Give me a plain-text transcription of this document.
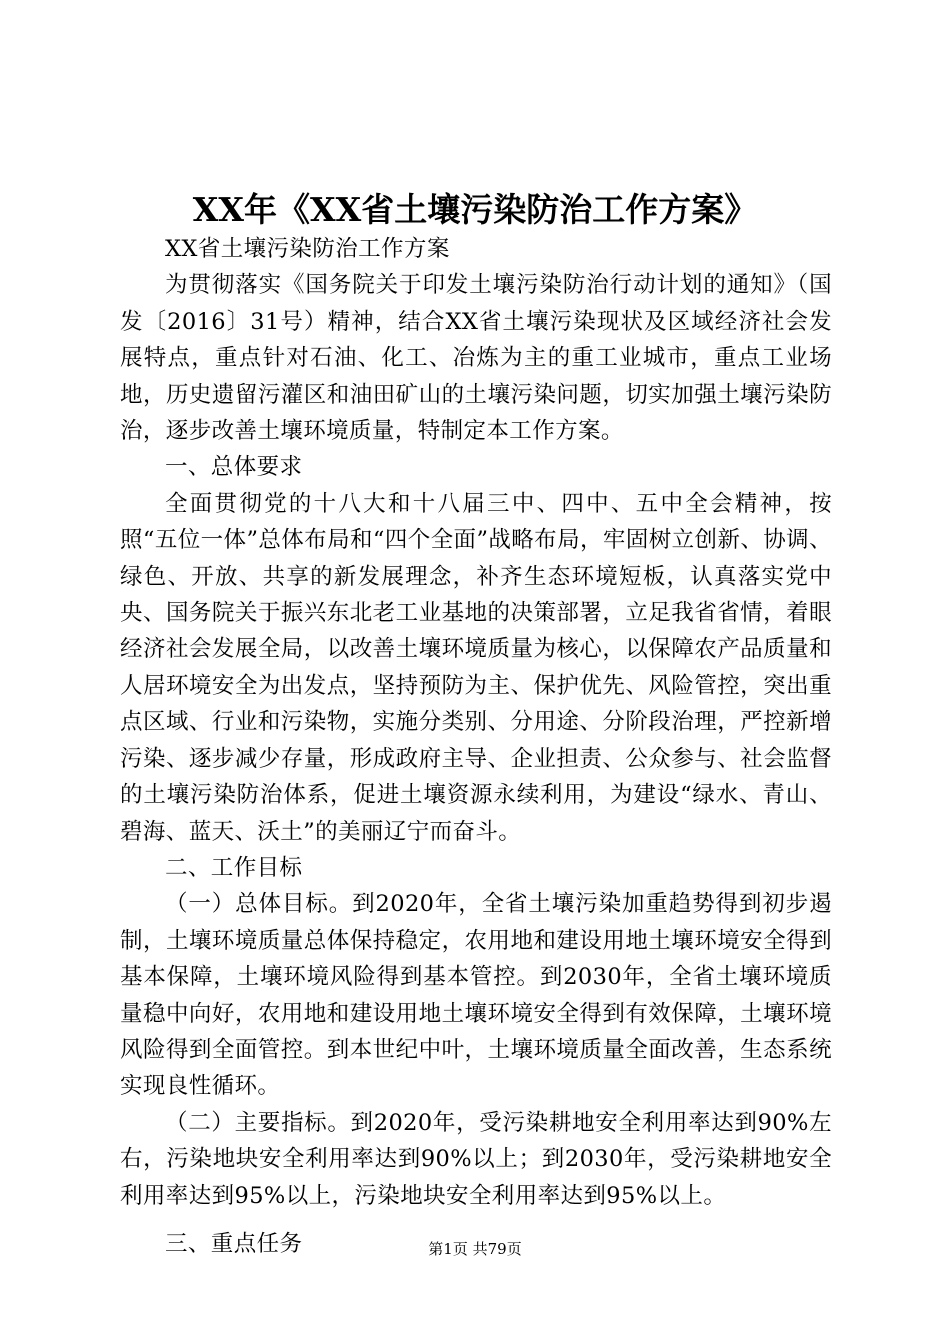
XX年《XX省土壤污染防治工作方案》

XX省土壤污染防治工作方案

为贯彻落实《国务院关于印发土壤污染防治行动计划的通知》（国发〔2016〕31号）精神，结合XX省土壤污染现状及区域经济社会发展特点，重点针对石油、化工、冶炼为主的重工业城市，重点工业场地，历史遗留污灌区和油田矿山的土壤污染问题，切实加强土壤污染防治，逐步改善土壤环境质量，特制定本工作方案。

一、总体要求

全面贯彻党的十八大和十八届三中、四中、五中全会精神，按照“五位一体”总体布局和“四个全面”战略布局，牢固树立创新、协调、绿色、开放、共享的新发展理念，补齐生态环境短板，认真落实党中央、国务院关于振兴东北老工业基地的决策部署，立足我省省情，着眼经济社会发展全局，以改善土壤环境质量为核心，以保障农产品质量和人居环境安全为出发点，坚持预防为主、保护优先、风险管控，突出重点区域、行业和污染物，实施分类别、分用途、分阶段治理，严控新增污染、逐步减少存量，形成政府主导、企业担责、公众参与、社会监督的土壤污染防治体系，促进土壤资源永续利用，为建设“绿水、青山、碧海、蓝天、沃土”的美丽辽宁而奋斗。

二、工作目标

（一）总体目标。到2020年，全省土壤污染加重趋势得到初步遏制，土壤环境质量总体保持稳定，农用地和建设用地土壤环境安全得到基本保障，土壤环境风险得到基本管控。到2030年，全省土壤环境质量稳中向好，农用地和建设用地土壤环境安全得到有效保障，土壤环境风险得到全面管控。到本世纪中叶，土壤环境质量全面改善，生态系统实现良性循环。

（二）主要指标。到2020年，受污染耕地安全利用率达到90%左右，污染地块安全利用率达到90%以上；到2030年，受污染耕地安全利用率达到95%以上，污染地块安全利用率达到95%以上。

三、重点任务	第1页 共79页
